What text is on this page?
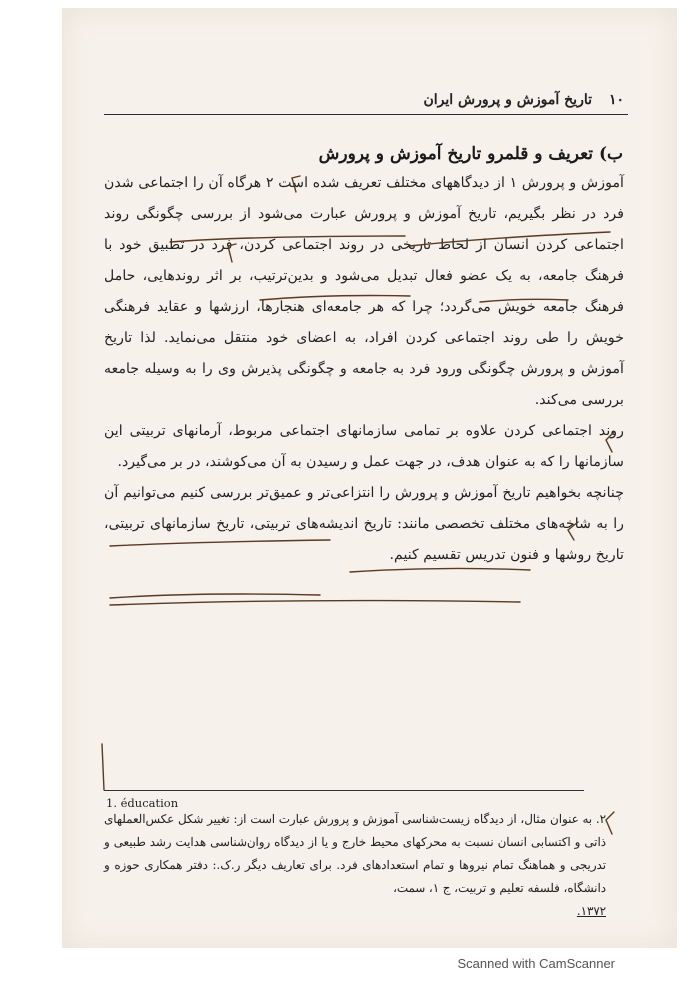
۱۰
تاریخ آموزش و پرورش ایران
ب) تعریف و قلمرو تاریخ آموزش و پرورش

آموزش و پرورش ۱ از دیدگاههای مختلف تعریف شده است ۲ هرگاه آن را اجتماعی شدن فرد در نظر بگیریم، تاریخ آموزش و پرورش عبارت می‌شود از بررسی چگونگی روند اجتماعی کردن انسان از لحاظ تاریخی در روند اجتماعی کردن، فرد در تطبیق خود با فرهنگ جامعه، به یک عضو فعال تبدیل می‌شود و بدین‌ترتیب، بر اثر روندهایی، حامل فرهنگ جامعه خویش می‌گردد؛ چرا که هر جامعه‌ای هنجارها، ارزشها و عقاید فرهنگی خویش را طی روند اجتماعی کردن افراد، به اعضای خود منتقل می‌نماید. لذا تاریخ آموزش و پرورش چگونگی ورود فرد به جامعه و چگونگی پذیرش وی را به وسیله جامعه بررسی می‌کند.

روند اجتماعی کردن علاوه بر تمامی سازمانهای اجتماعی مربوط، آرمانهای تربیتی این سازمانها را که به عنوان هدف، در جهت عمل و رسیدن به آن می‌کوشند، در بر می‌گیرد.

چنانچه بخواهیم تاریخ آموزش و پرورش را انتزاعی‌تر و عمیق‌تر بررسی کنیم می‌توانیم آن را به شاخه‌های مختلف تخصصی مانند: تاریخ اندیشه‌های تربیتی، تاریخ سازمانهای تربیتی، تاریخ روشها و فنون تدریس تقسیم کنیم.

1. éducation
۲. به عنوان مثال، از دیدگاه زیست‌شناسی آموزش و پرورش عبارت است از: تغییر شکل عکس‌العملهای ذاتی و اکتسابی انسان نسبت به محرکهای محیط خارج و یا از دیدگاه روان‌شناسی هدایت رشد طبیعی و تدریجی و هماهنگ تمام نیروها و تمام استعدادهای فرد. برای تعاریف دیگر ر.ک.: دفتر همکاری حوزه و دانشگاه، فلسفه تعلیم و تربیت، ج ۱، سمت،
۱۳۷۲.
Scanned with CamScanner
